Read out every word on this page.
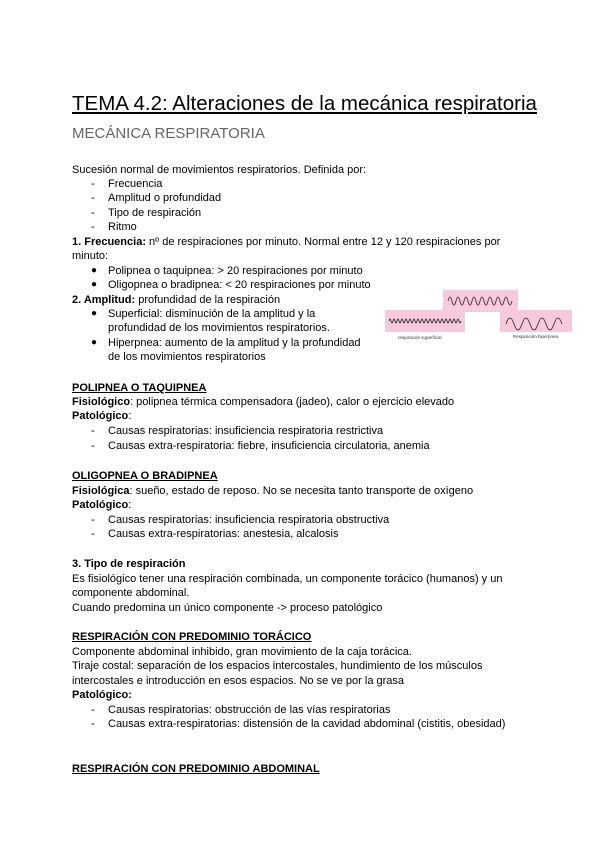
TEMA 4.2: Alteraciones de la mecánica respiratoria
MECÁNICA RESPIRATORIA
Sucesión normal de movimientos respiratorios. Definida por:
- Frecuencia
- Amplitud o profundidad
- Tipo de respiración
- Ritmo
1. Frecuencia: nº de respiraciones por minuto. Normal entre 12 y 120 respiraciones por
minuto:
● Polipnea o taquipnea: > 20 respiraciones por minuto
● Oligopnea o bradipnea: < 20 respiraciones por minuto
2. Amplitud: profundidad de la respiración
● Superficial: disminución de la amplitud y la
profundidad de los movimientos respiratorios.
● Hiperpnea: aumento de la amplitud y la profundidad
de los movimientos respiratorios
respiración superficial	Respiración hiperpnea
POLIPNEA O TAQUIPNEA
Fisiológico: polipnea térmica compensadora (jadeo), calor o ejercicio elevado
Patológico:
- Causas respiratorias: insuficiencia respiratoria restrictiva
- Causas extra-respiratoria: fiebre, insuficiencia circulatoria, anemia
OLIGOPNEA O BRADIPNEA
Fisiológica: sueño, estado de reposo. No se necesita tanto transporte de oxígeno
Patológico:
- Causas respiratorias: insuficiencia respiratoria obstructiva
- Causas extra-respiratorias: anestesia, alcalosis
3. Tipo de respiración
Es fisiológico tener una respiración combinada, un componente torácico (humanos) y un
componente abdominal.
Cuando predomina un único componente -> proceso patológico
RESPIRACIÓN CON PREDOMINIO TORÁCICO
Componente abdominal inhibido, gran movimiento de la caja torácica.
Tiraje costal: separación de los espacios intercostales, hundimiento de los músculos
intercostales e introducción en esos espacios. No se ve por la grasa
Patológico:
- Causas respiratorias: obstrucción de las vías respiratorias
- Causas extra-respiratorias: distensión de la cavidad abdominal (cistitis, obesidad)
RESPIRACIÓN CON PREDOMINIO ABDOMINAL
